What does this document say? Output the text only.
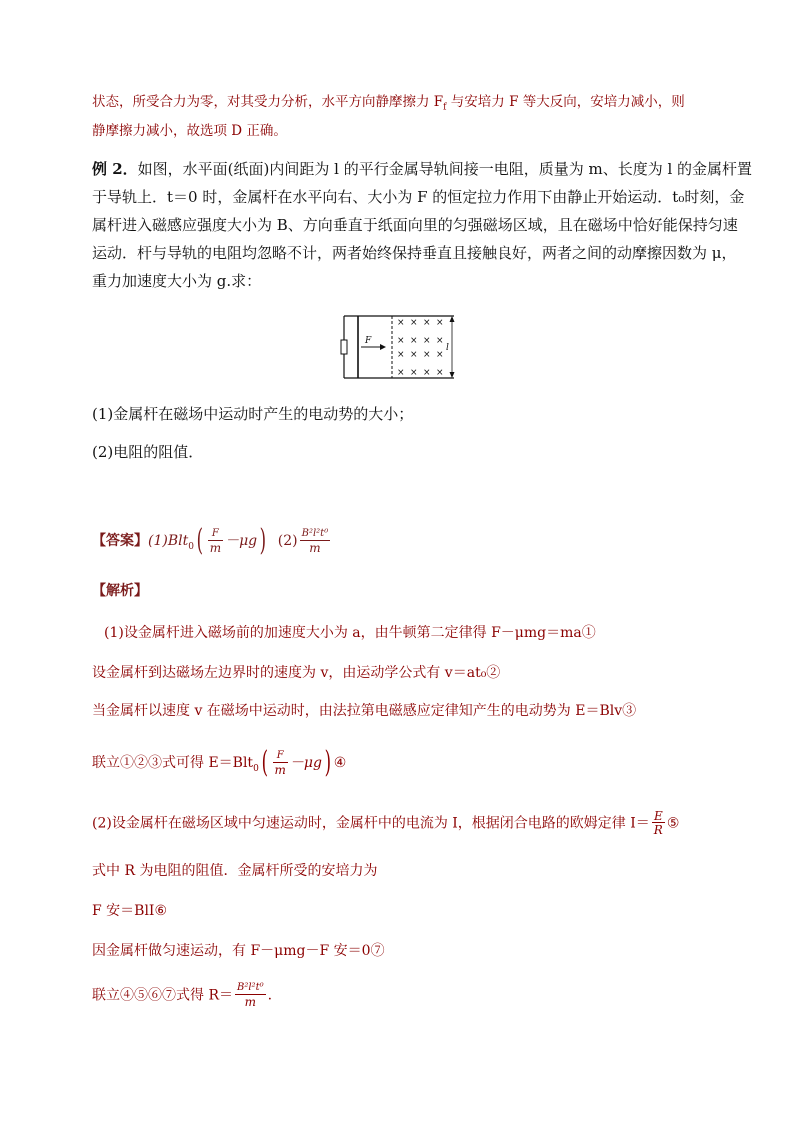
状态，所受合力为零，对其受力分析，水平方向静摩擦力 $F_f$ 与安培力 F 等大反向，安培力减小，则
静摩擦力减小，故选项 D 正确。
例 2．如图，水平面(纸面)内间距为 l 的平行金属导轨间接一电阻，质量为 m、长度为 l 的金属杆置
于导轨上．t＝0 时，金属杆在水平向右、大小为 F 的恒定拉力作用下由静止开始运动．t₀时刻，金
属杆进入磁感应强度大小为 B、方向垂直于纸面向里的匀强磁场区域，且在磁场中恰好能保持匀速
运动．杆与导轨的电阻均忽略不计，两者始终保持垂直且接触良好，两者之间的动摩擦因数为 μ，
重力加速度大小为 g.求：
F
× × × ×
× × × ×
× × × ×
× × × ×
l
(1)金属杆在磁场中运动时产生的电动势的大小；
(2)电阻的阻值．
【答案】$(1)Blt_0( \frac{F}{m} -\mu g)$ $(2) \frac{\text{B²l²t⁰}}{m}$
【解析】
(1)设金属杆进入磁场前的加速度大小为 a，由牛顿第二定律得 F－μmg＝ma①
设金属杆到达磁场左边界时的速度为 v，由运动学公式有 v＝at₀②
当金属杆以速度 v 在磁场中运动时，由法拉第电磁感应定律知产生的电动势为 E＝Blv③
联立①②③式可得 $E=Blt_0( \frac{F}{m} -\mu g)$ ④
(2)设金属杆在磁场区域中匀速运动时，金属杆中的电流为 I，根据闭合电路的欧姆定律 $I= \frac{E}{R}$ ⑤
式中 R 为电阻的阻值．金属杆所受的安培力为
F 安＝BlI⑥
因金属杆做匀速运动，有 F－μmg－F 安＝0⑦
联立④⑤⑥⑦式得 $R= \frac{\text{B²l²t⁰}}{m}$ .
